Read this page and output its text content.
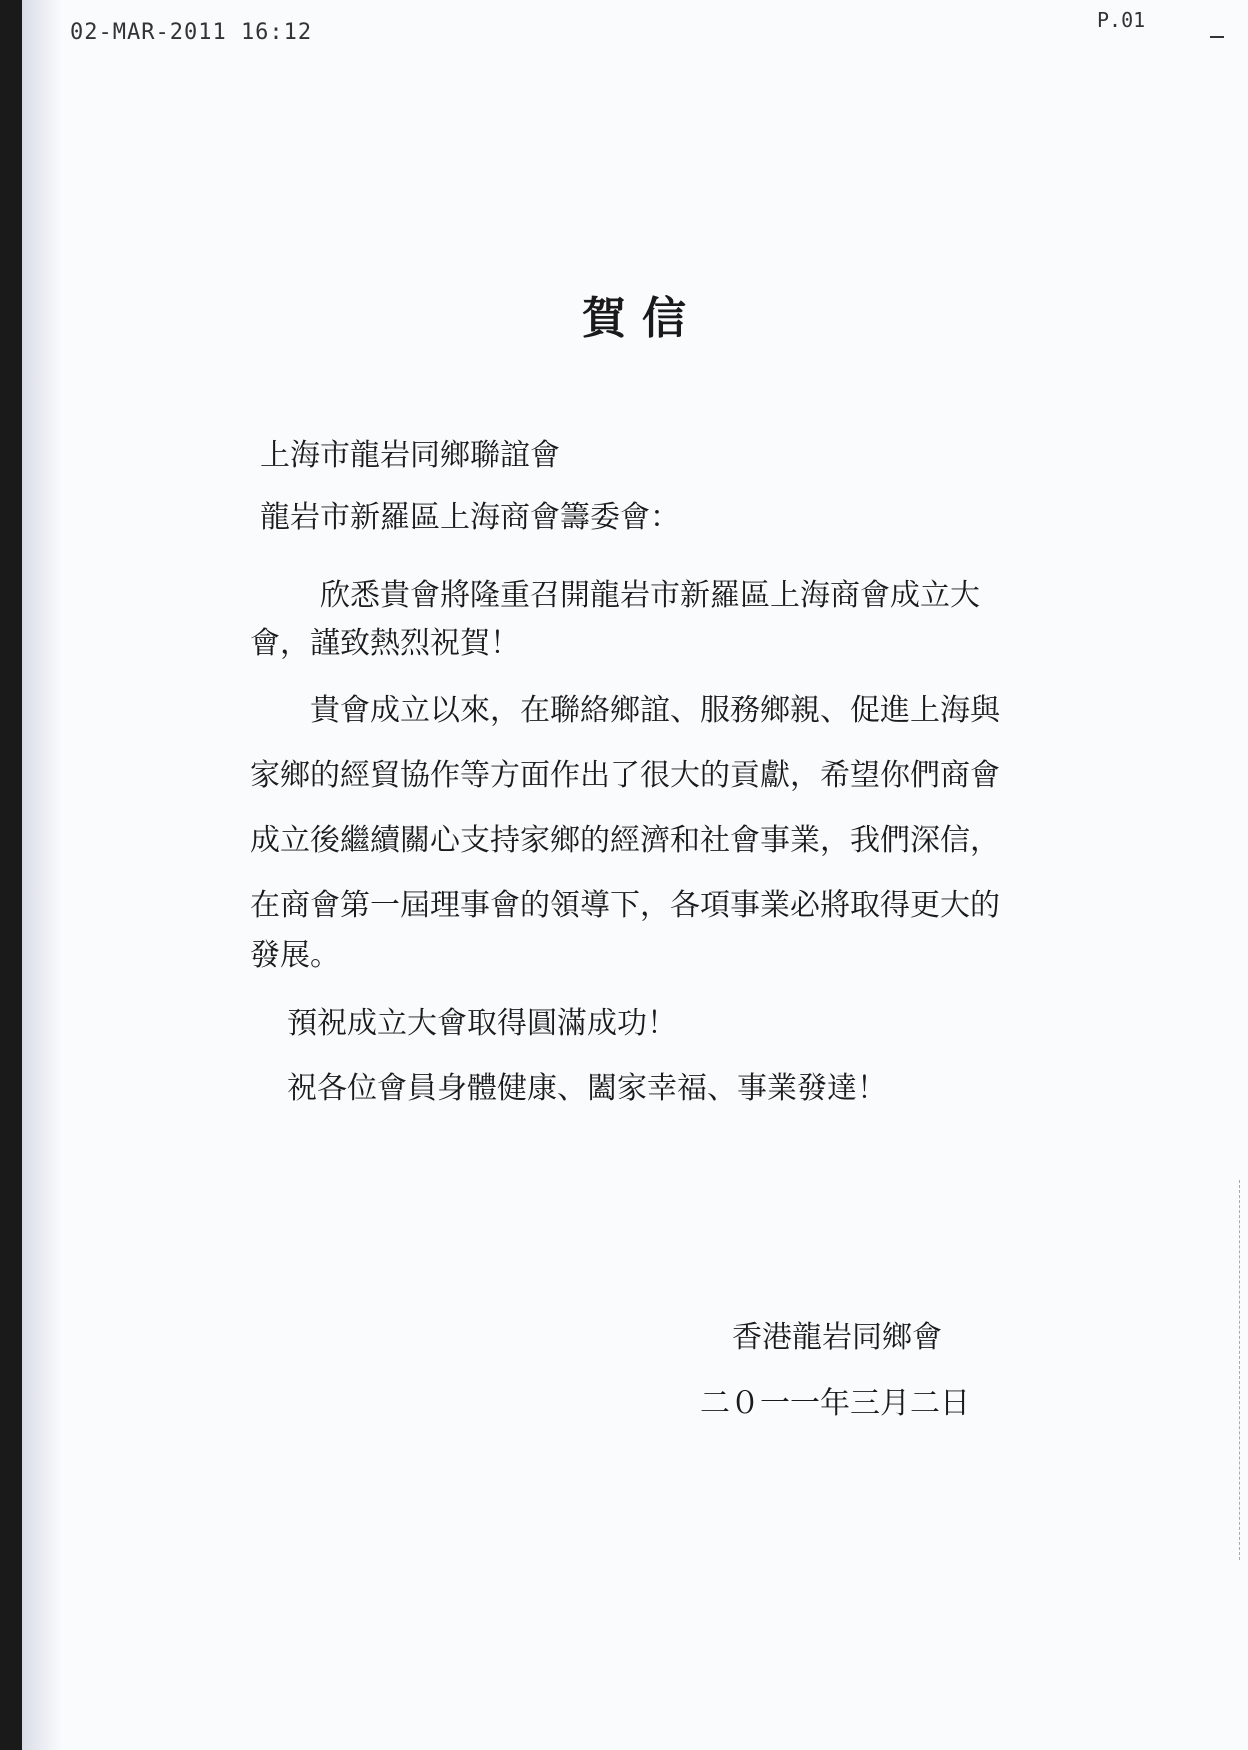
02-MAR-2011 16:12	P.01
賀信
上海市龍岩同鄉聯誼會
龍岩市新羅區上海商會籌委會：
欣悉貴會將隆重召開龍岩市新羅區上海商會成立大
會，謹致熱烈祝賀！
貴會成立以來，在聯絡鄉誼、服務鄉親、促進上海與
家鄉的經貿協作等方面作出了很大的貢獻，希望你們商會
成立後繼續關心支持家鄉的經濟和社會事業，我們深信，
在商會第一屆理事會的領導下，各項事業必將取得更大的
發展。
預祝成立大會取得圓滿成功！
祝各位會員身體健康、闔家幸福、事業發達！
香港龍岩同鄉會
二０一一年三月二日
